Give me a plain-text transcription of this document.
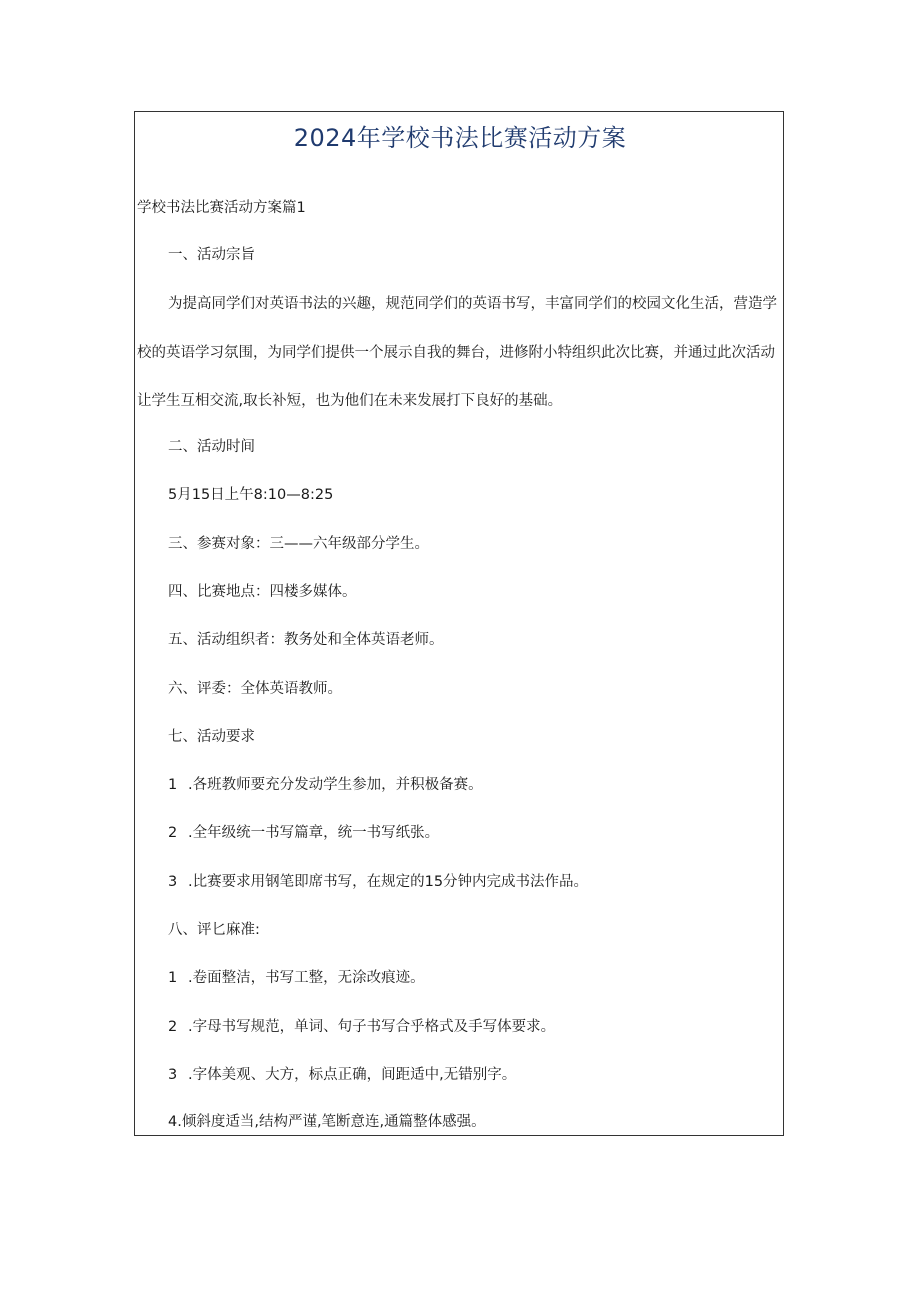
2024年学校书法比赛活动方案
学校书法比赛活动方案篇1
一、活动宗旨
为提高同学们对英语书法的兴趣，规范同学们的英语书写，丰富同学们的校园文化生活，营造学
校的英语学习氛围，为同学们提供一个展示自我的舞台，进修附小特组织此次比赛，并通过此次活动
让学生互相交流,取长补短，也为他们在未来发展打下良好的基础。
二、活动时间
5月15日上午8:10—8:25
三、参赛对象：三——六年级部分学生。
四、比赛地点：四楼多媒体。
五、活动组织者：教务处和全体英语老师。
六、评委：全体英语教师。
七、活动要求
1 .各班教师要充分发动学生参加，并积极备赛。
2 .全年级统一书写篇章，统一书写纸张。
3 .比赛要求用钢笔即席书写，在规定的15分钟内完成书法作品。
八、评匕麻准:
1 .卷面整洁，书写工整，无涂改痕迹。
2 .字母书写规范，单词、句子书写合乎格式及手写体要求。
3 .字体美观、大方，标点正确，间距适中,无错别字。
4.倾斜度适当,结构严谨,笔断意连,通篇整体感强。
